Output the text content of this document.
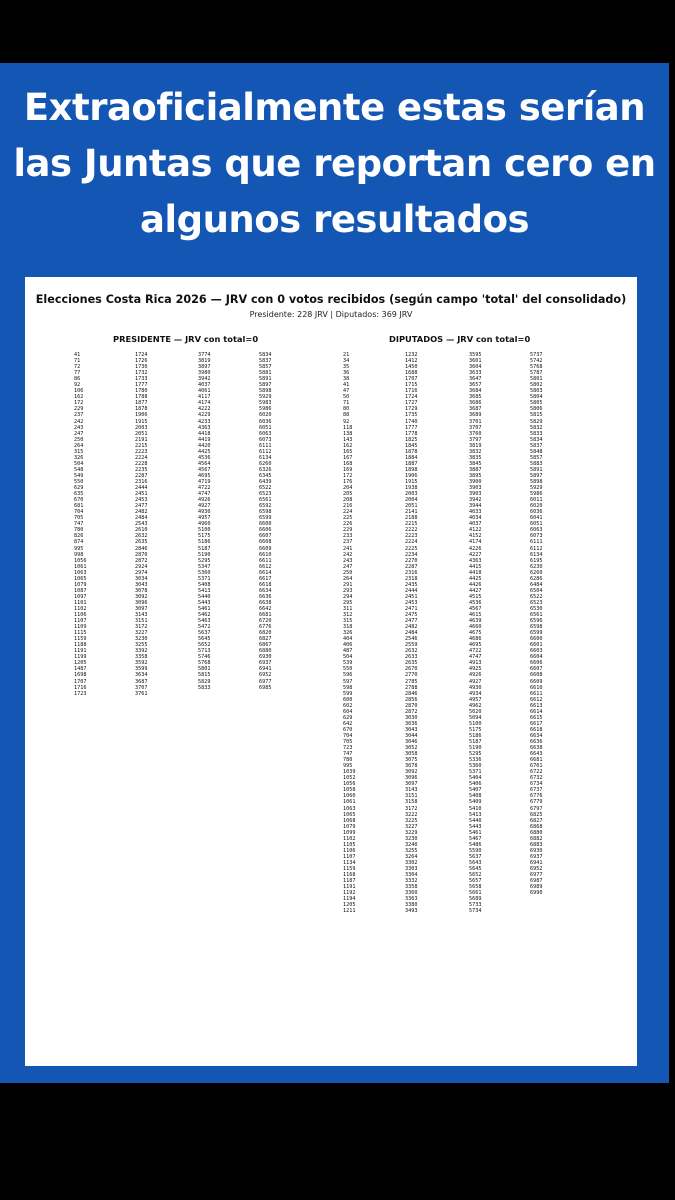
Extraoficialmente estas serían
las Juntas que reportan cero en
algunos resultados
Elecciones Costa Rica 2026 — JRV con 0 votos recibidos (según campo 'total' del consolidado)
Presidente: 228 JRV | Diputados: 369 JRV
PRESIDENTE — JRV con total=0	DIPUTADOS — JRV con total=0
41
71
72
77
86
92
106
162
172
229
237
242
243
247
250
264
315
326
504
548
549
550
629
635
670
681
704
705
747
780
826
874
995
998
1056
1061
1063
1065
1079
1087
1097
1101
1102
1106
1107
1109
1115
1159
1188
1191
1199
1205
1487
1698
1707
1716
1723
1724
1726
1730
1732
1733
1777
1780
1788
1877
1878
1906
1915
2003
2051
2191
2215
2223
2224
2228
2235
2287
2316
2444
2451
2453
2477
2482
2484
2543
2610
2632
2635
2846
2870
2872
2924
2974
3034
3043
3078
3092
3096
3097
3143
3151
3172
3227
3230
3255
3392
3358
3592
3599
3634
3687
3707
3761
3774
3819
3897
3980
3942
4037
4061
4117
4174
4222
4229
4233
4363
4418
4419
4420
4425
4536
4564
4567
4695
4719
4722
4747
4926
4927
4930
4957
4960
5100
5175
5186
5187
5190
5295
5347
5360
5371
5408
5413
5440
5443
5461
5462
5463
5472
5637
5645
5652
5713
5746
5768
5801
5815
5829
5833
5834
5837
5857
5881
5891
5897
5898
5929
5983
5986
6020
6036
6051
6063
6073
6111
6112
6134
6260
6326
6345
6439
6522
6523
6561
6592
6598
6599
6600
6606
6607
6608
6609
6610
6611
6612
6614
6617
6618
6634
6636
6638
6642
6681
6720
6776
6820
6827
6867
6880
6930
6937
6941
6952
6977
6985
21
34
35
36
38
41
47
50
71
80
88
92
118
138
143
162
165
167
168
169
172
176
204
205
208
216
224
225
226
229
233
237
241
242
243
247
250
264
291
293
294
295
311
312
315
318
326
404
406
487
504
539
550
596
597
598
599
600
602
604
629
642
670
704
705
723
747
780
995
1039
1052
1056
1058
1060
1061
1063
1065
1068
1079
1099
1102
1105
1106
1107
1134
1159
1168
1187
1191
1192
1194
1205
1211
1232
1412
1450
1688
1707
1715
1716
1724
1727
1729
1735
1740
1777
1778
1825
1845
1878
1884
1887
1898
1906
1915
1938
2003
2004
2051
2141
2188
2215
2222
2223
2224
2225
2234
2270
2287
2316
2318
2435
2444
2451
2453
2471
2475
2477
2482
2484
2546
2559
2632
2633
2635
2670
2770
2785
2788
2846
2856
2870
2872
3030
3036
3043
3044
3046
3052
3058
3075
3078
3092
3096
3097
3143
3151
3158
3172
3222
3225
3227
3229
3230
3240
3255
3264
3302
3303
3304
3332
3358
3360
3363
3380
3493
3595
3601
3604
3633
3647
3657
3684
3685
3686
3687
3689
3701
3707
3760
3797
3819
3832
3835
3845
3887
3895
3900
3903
3903
3942
3944
4033
4034
4037
4122
4152
4174
4226
4227
4363
4415
4418
4425
4426
4427
4515
4536
4567
4615
4639
4660
4675
4686
4695
4722
4747
4913
4925
4926
4927
4930
4934
4957
4962
5020
5094
5100
5175
5186
5187
5190
5295
5336
5360
5371
5404
5406
5407
5408
5409
5410
5413
5440
5443
5461
5467
5486
5590
5637
5643
5645
5652
5657
5658
5661
5689
5733
5734
5737
5742
5768
5787
5801
5802
5803
5804
5805
5806
5815
5829
5832
5833
5834
5837
5848
5857
5883
5891
5897
5898
5929
5986
6011
6020
6036
6041
6051
6063
6073
6111
6112
6134
6195
6230
6260
6286
6484
6504
6522
6523
6530
6561
6596
6598
6599
6600
6601
6603
6604
6606
6607
6608
6609
6610
6611
6612
6613
6614
6615
6617
6618
6634
6636
6638
6643
6681
6701
6722
6732
6734
6737
6776
6779
6797
6825
6827
6868
6880
6882
6883
6930
6937
6941
6952
6977
6987
6989
6990
